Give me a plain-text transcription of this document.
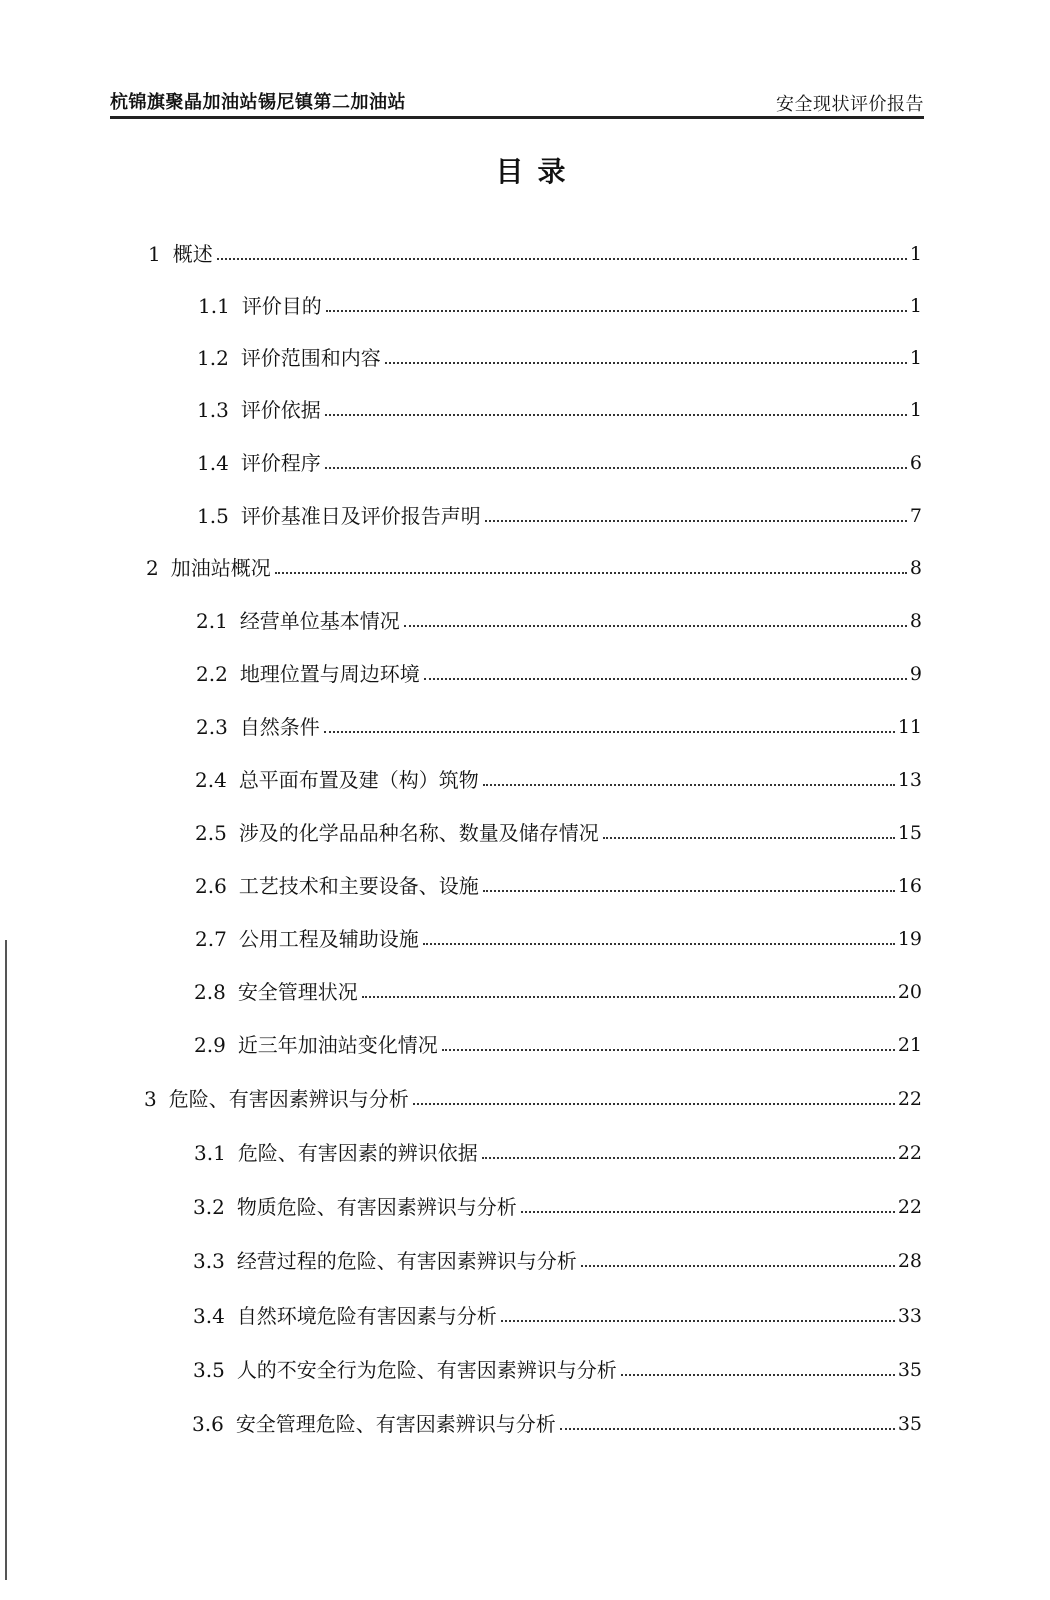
杭锦旗聚晶加油站锡尼镇第二加油站	安全现状评价报告
目录
1 概述	1
1.1 评价目的	1
1.2 评价范围和内容	1
1.3 评价依据	1
1.4 评价程序	6
1.5 评价基准日及评价报告声明	7
2 加油站概况	8
2.1 经营单位基本情况	8
2.2 地理位置与周边环境	9
2.3 自然条件	11
2.4 总平面布置及建（构）筑物	13
2.5 涉及的化学品品种名称、数量及储存情况	15
2.6 工艺技术和主要设备、设施	16
2.7 公用工程及辅助设施	19
2.8 安全管理状况	20
2.9 近三年加油站变化情况	21
3 危险、有害因素辨识与分析	22
3.1 危险、有害因素的辨识依据	22
3.2 物质危险、有害因素辨识与分析	22
3.3 经营过程的危险、有害因素辨识与分析	28
3.4 自然环境危险有害因素与分析	33
3.5 人的不安全行为危险、有害因素辨识与分析	35
3.6 安全管理危险、有害因素辨识与分析	35
